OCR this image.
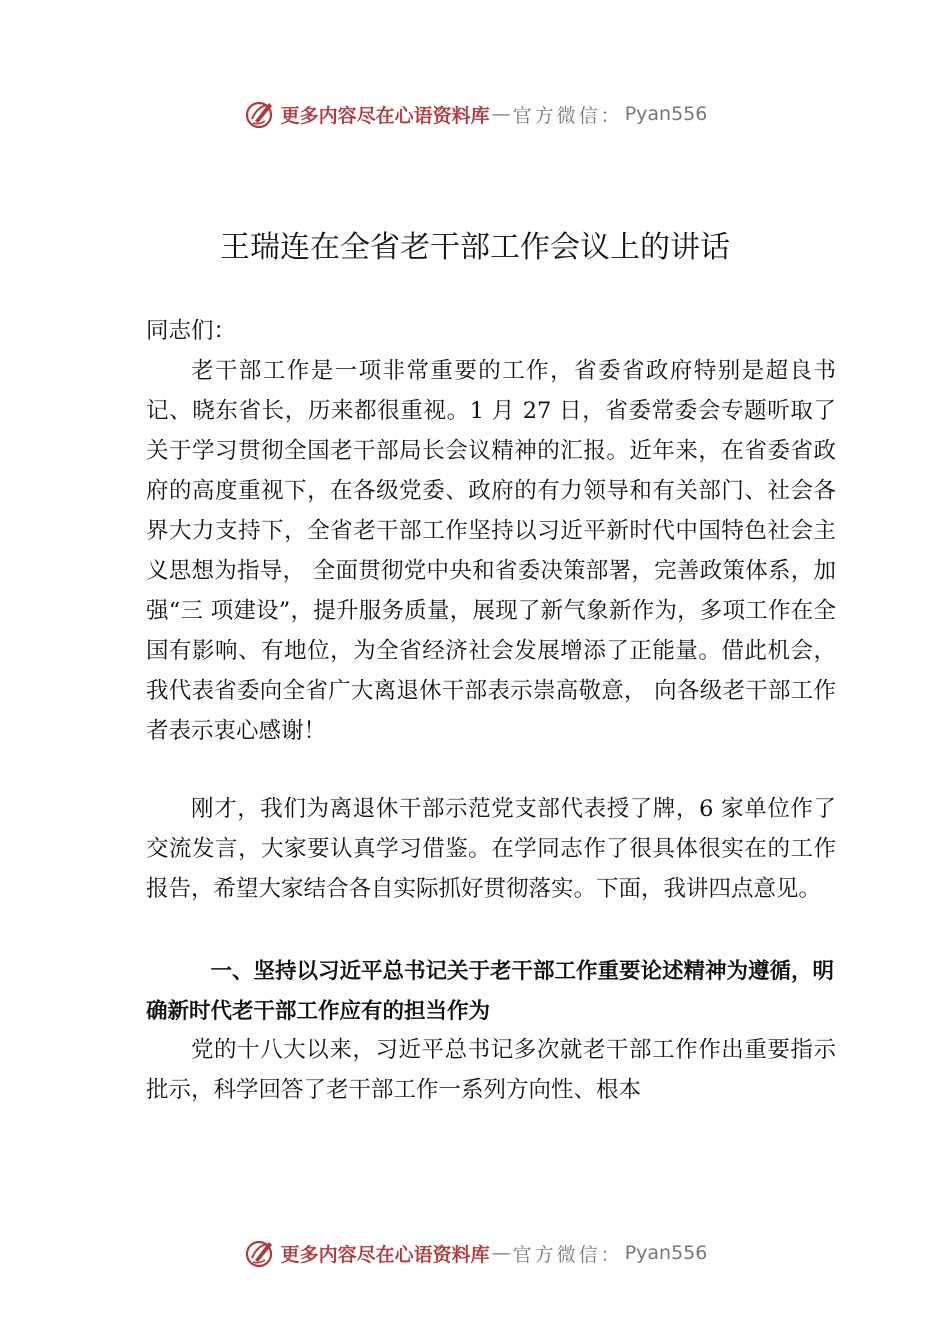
更多内容尽在心语资料库 — 官方微信： Pyan556
王瑞连在全省老干部工作会议上的讲话
同志们：
老干部工作是一项非常重要的工作，省委省政府特别是超良书记、晓东省长，历来都很重视。1 月 27 日，省委常委会专题听取了关于学习贯彻全国老干部局长会议精神的汇报。近年来，在省委省政府的高度重视下，在各级党委、政府的有力领导和有关部门、社会各界大力支持下，全省老干部工作坚持以习近平新时代中国特色社会主义思想为指导， 全面贯彻党中央和省委决策部署，完善政策体系，加强“三 项建设”，提升服务质量，展现了新气象新作为，多项工作在全国有影响、有地位，为全省经济社会发展增添了正能量。借此机会，我代表省委向全省广大离退休干部表示崇高敬意， 向各级老干部工作者表示衷心感谢！
刚才，我们为离退休干部示范党支部代表授了牌，6 家单位作了交流发言，大家要认真学习借鉴。在学同志作了很具体很实在的工作报告，希望大家结合各自实际抓好贯彻落实。下面，我讲四点意见。
一、坚持以习近平总书记关于老干部工作重要论述精神为遵循，明确新时代老干部工作应有的担当作为
党的十八大以来，习近平总书记多次就老干部工作作出重要指示批示，科学回答了老干部工作一系列方向性、根本
更多内容尽在心语资料库 — 官方微信： Pyan556
